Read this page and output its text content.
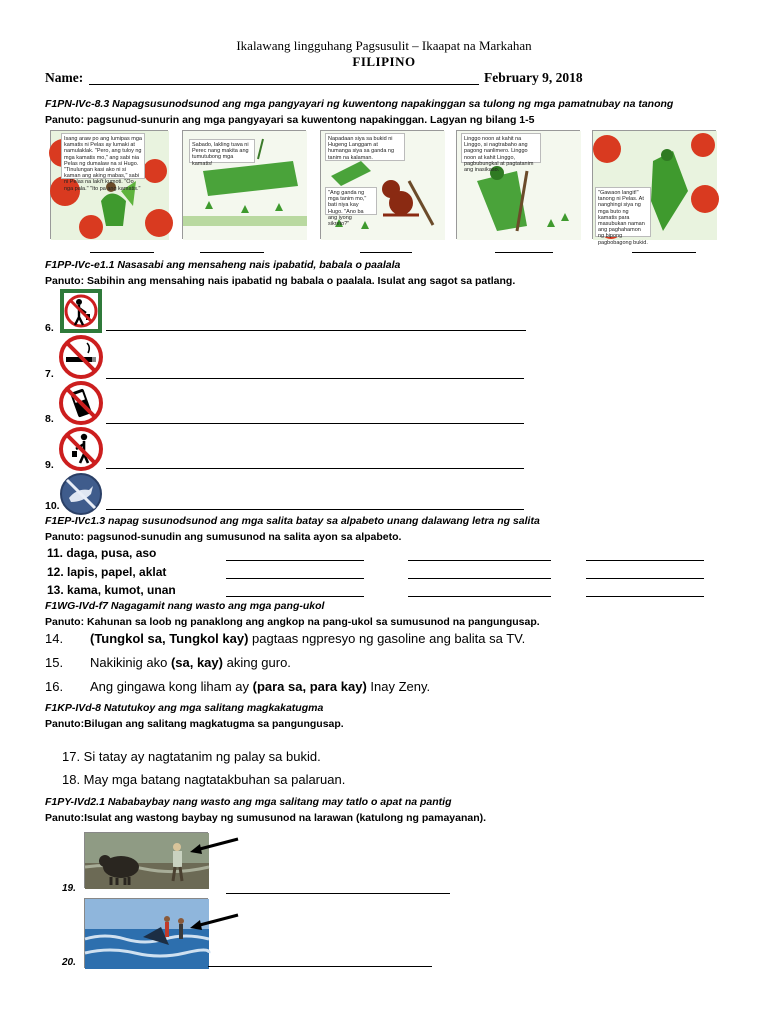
Ikalawang lingguhang Pagsusulit – Ikaapat na Markahan
FILIPINO
Name:	February 9, 2018
F1PN-IVc-8.3 Napagsusunodsunod ang mga pangyayari ng kuwentong napakinggan sa tulong ng mga pamatnubay na tanong
Panuto: pagsunud-sunurin ang mga pangyayari sa kuwentong napakinggan. Lagyan ng bilang 1-5
Isang araw po ang lumipas mga kamatis ni Pelas ay lumaki at namulaklak. "Pero, ang tuloy ng mga kamatis mo," ang sabi nia Pelas ng dumalaw na si Hugo. "Tinulungan kasi ako ni si kaman ang aking mabas," sabi ni Pelas na laki't kumoti. "Oo nga pala." "Ito pa ang kamatis."
Sabado, lakling tuwa ni Perec nang makita ang tumutubong mga kamatis!
Napadaan siya sa bukid ni Hugeng Langgam at humanga siya sa ganda ng tanim na kalaman.
"Ang ganda ng mga tanim mo," bati niya kay Hugo. "Ano ba ang iyong sikreto?"
Linggo noon at kahit na Linggo, si nagtrabaho ang pagong nanlimero. Linggo noon at kahit Linggo, pagbubungkal at pagtatanim ang inasikaso.
"Gawaon langit!" tanong ni Pelas. At nanghingi siya ng mga buto ng kamatis para masubukan naman ang paghahamon ng bipong pagbobagong bukid.
F1PP-IVc-e1.1 Nasasabi ang mensaheng nais ipabatid, babala o paalala
Panuto: Sabihin ang mensahing nais ipabatid ng babala o paalala. Isulat ang sagot sa patlang.
6.
7.
8.
9.
10.
F1EP-IVc1.3 napag susunodsunod ang mga salita batay sa alpabeto unang dalawang letra ng salita
Panuto: pagsunod-sunudin ang sumusunod na salita ayon sa alpabeto.
11. daga, pusa, aso
12. lapis, papel, aklat
13. kama, kumot, unan
F1WG-IVd-f7 Nagagamit nang wasto ang mga pang-ukol
Panuto: Kahunan sa loob ng panaklong ang angkop na pang-ukol sa sumusunod na pangungusap.
14. (Tungkol sa, Tungkol kay) pagtaas ngpresyo ng gasoline ang balita sa TV.
15. Nakikinig ako (sa, kay) aking guro.
16. Ang gingawa kong liham ay (para sa, para kay) Inay Zeny.
F1KP-IVd-8 Natutukoy ang mga salitang magkakatugma
Panuto:Bilugan ang salitang magkatugma sa pangungusap.
17. Si tatay ay nagtatanim ng palay sa bukid.
18. May mga batang nagtatakbuhan sa palaruan.
F1PY-IVd2.1 Nababaybay nang wasto ang mga salitang may tatlo o apat na pantig
Panuto:Isulat ang wastong baybay ng sumusunod na larawan (katulong ng pamayanan).
19.
20.
